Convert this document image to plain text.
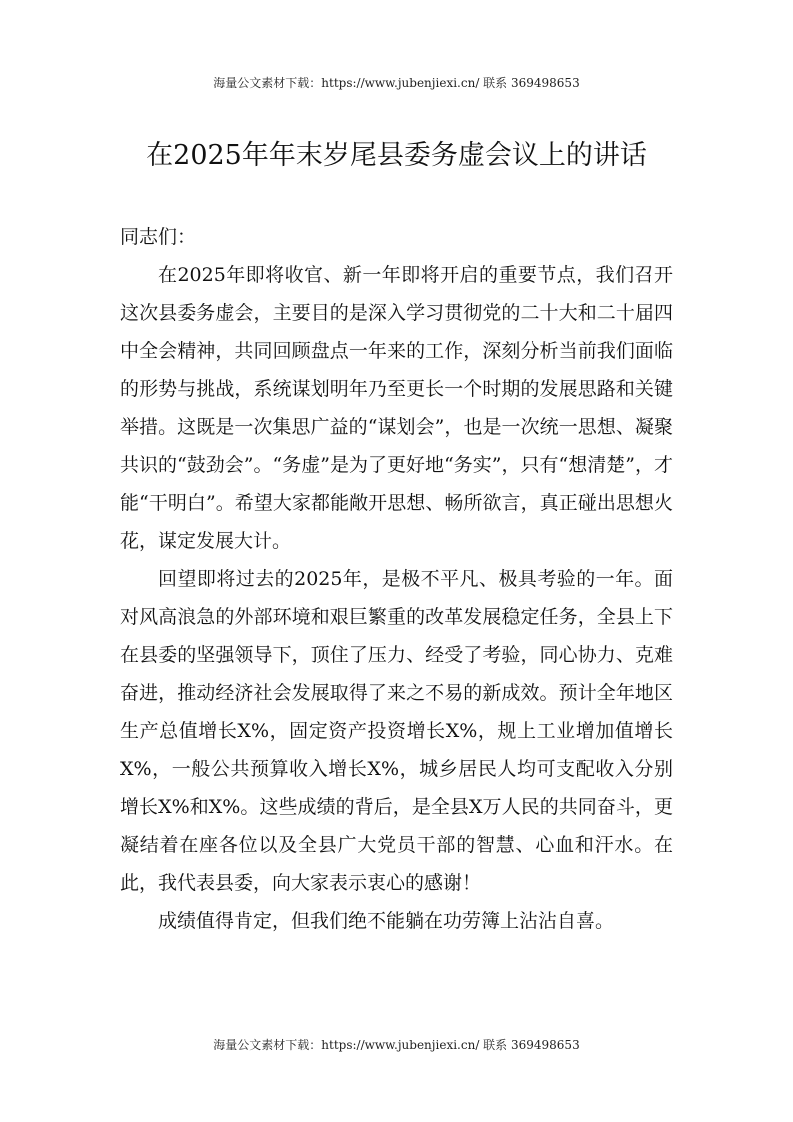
海量公文素材下载：https://www.jubenjiexi.cn/ 联系 369498653
在2025年年末岁尾县委务虚会议上的讲话

同志们：

在2025年即将收官、新一年即将开启的重要节点，我们召开这次县委务虚会，主要目的是深入学习贯彻党的二十大和二十届四中全会精神，共同回顾盘点一年来的工作，深刻分析当前我们面临的形势与挑战，系统谋划明年乃至更长一个时期的发展思路和关键举措。这既是一次集思广益的“谋划会”，也是一次统一思想、凝聚共识的“鼓劲会”。“务虚”是为了更好地“务实”，只有“想清楚”，才能“干明白”。希望大家都能敞开思想、畅所欲言，真正碰出思想火花，谋定发展大计。

回望即将过去的2025年，是极不平凡、极具考验的一年。面对风高浪急的外部环境和艰巨繁重的改革发展稳定任务，全县上下在县委的坚强领导下，顶住了压力、经受了考验，同心协力、克难奋进，推动经济社会发展取得了来之不易的新成效。预计全年地区生产总值增长X%，固定资产投资增长X%，规上工业增加值增长X%，一般公共预算收入增长X%，城乡居民人均可支配收入分别增长X%和X%。这些成绩的背后，是全县X万人民的共同奋斗，更凝结着在座各位以及全县广大党员干部的智慧、心血和汗水。在此，我代表县委，向大家表示衷心的感谢！

成绩值得肯定，但我们绝不能躺在功劳簿上沾沾自喜。

海量公文素材下载：https://www.jubenjiexi.cn/ 联系 369498653
